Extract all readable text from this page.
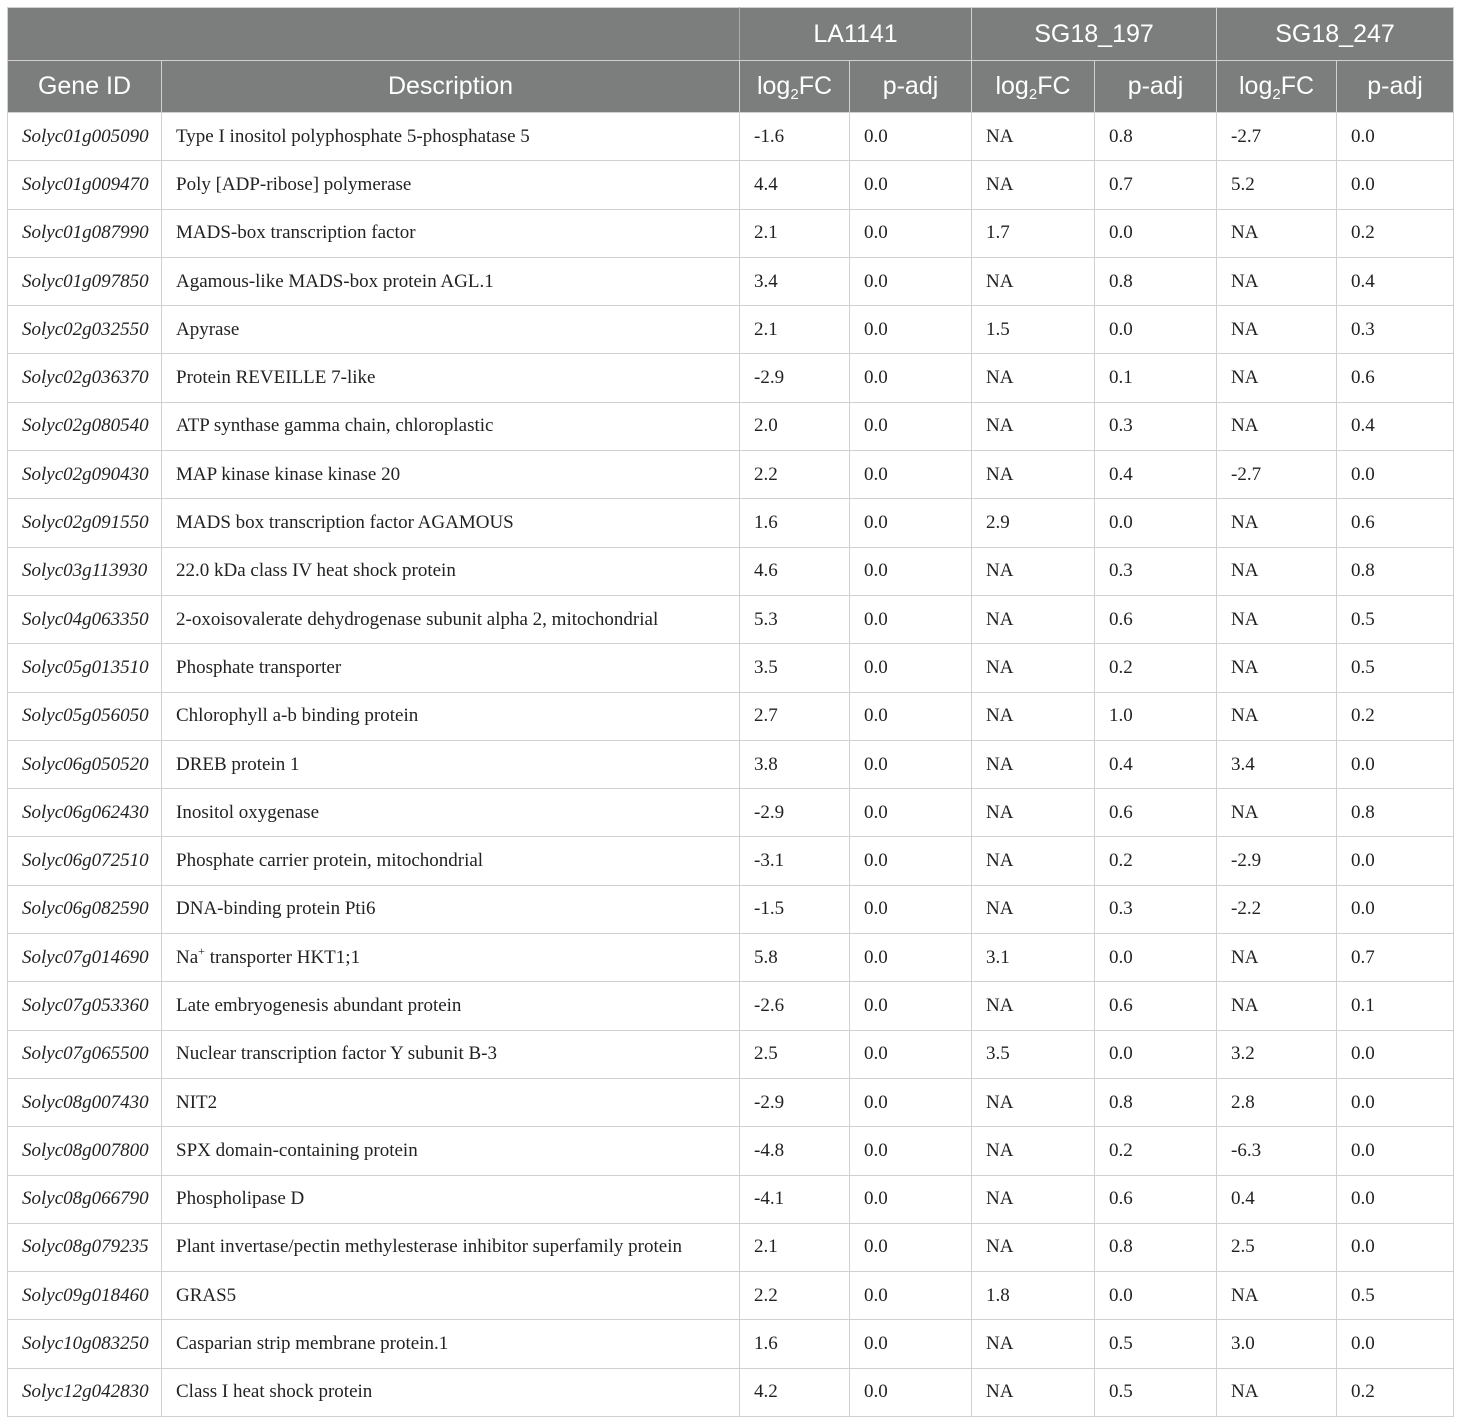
		LA1141		SG18_197		SG18_247	
Gene ID	Description	$\log_2FC$	p-adj	$\log_2FC$	p-adj	$\log_2FC$	p-adj
Solyc01g005090	Type I inositol polyphosphate 5-phosphatase 5	-1.6	0.0	NA	0.8	-2.7	0.0
Solyc01g009470	Poly [ADP-ribose] polymerase	4.4	0.0	NA	0.7	5.2	0.0
Solyc01g087990	MADS-box transcription factor	2.1	0.0	1.7	0.0	NA	0.2
Solyc01g097850	Agamous-like MADS-box protein AGL.1	3.4	0.0	NA	0.8	NA	0.4
Solyc02g032550	Apyrase	2.1	0.0	1.5	0.0	NA	0.3
Solyc02g036370	Protein REVEILLE 7-like	-2.9	0.0	NA	0.1	NA	0.6
Solyc02g080540	ATP synthase gamma chain, chloroplastic	2.0	0.0	NA	0.3	NA	0.4
Solyc02g090430	MAP kinase kinase kinase 20	2.2	0.0	NA	0.4	-2.7	0.0
Solyc02g091550	MADS box transcription factor AGAMOUS	1.6	0.0	2.9	0.0	NA	0.6
Solyc03g113930	22.0 kDa class IV heat shock protein	4.6	0.0	NA	0.3	NA	0.8
Solyc04g063350	2-oxoisovalerate dehydrogenase subunit alpha 2, mitochondrial	5.3	0.0	NA	0.6	NA	0.5
Solyc05g013510	Phosphate transporter	3.5	0.0	NA	0.2	NA	0.5
Solyc05g056050	Chlorophyll a-b binding protein	2.7	0.0	NA	1.0	NA	0.2
Solyc06g050520	DREB protein 1	3.8	0.0	NA	0.4	3.4	0.0
Solyc06g062430	Inositol oxygenase	-2.9	0.0	NA	0.6	NA	0.8
Solyc06g072510	Phosphate carrier protein, mitochondrial	-3.1	0.0	NA	0.2	-2.9	0.0
Solyc06g082590	DNA-binding protein Pti6	-1.5	0.0	NA	0.3	-2.2	0.0
Solyc07g014690	Na+ transporter HKT1;1	5.8	0.0	3.1	0.0	NA	0.7
Solyc07g053360	Late embryogenesis abundant protein	-2.6	0.0	NA	0.6	NA	0.1
Solyc07g065500	Nuclear transcription factor Y subunit B-3	2.5	0.0	3.5	0.0	3.2	0.0
Solyc08g007430	NIT2	-2.9	0.0	NA	0.8	2.8	0.0
Solyc08g007800	SPX domain-containing protein	-4.8	0.0	NA	0.2	-6.3	0.0
Solyc08g066790	Phospholipase D	-4.1	0.0	NA	0.6	0.4	0.0
Solyc08g079235	Plant invertase/pectin methylesterase inhibitor superfamily protein	2.1	0.0	NA	0.8	2.5	0.0
Solyc09g018460	GRAS5	2.2	0.0	1.8	0.0	NA	0.5
Solyc10g083250	Casparian strip membrane protein.1	1.6	0.0	NA	0.5	3.0	0.0
Solyc12g042830	Class I heat shock protein	4.2	0.0	NA	0.5	NA	0.2
